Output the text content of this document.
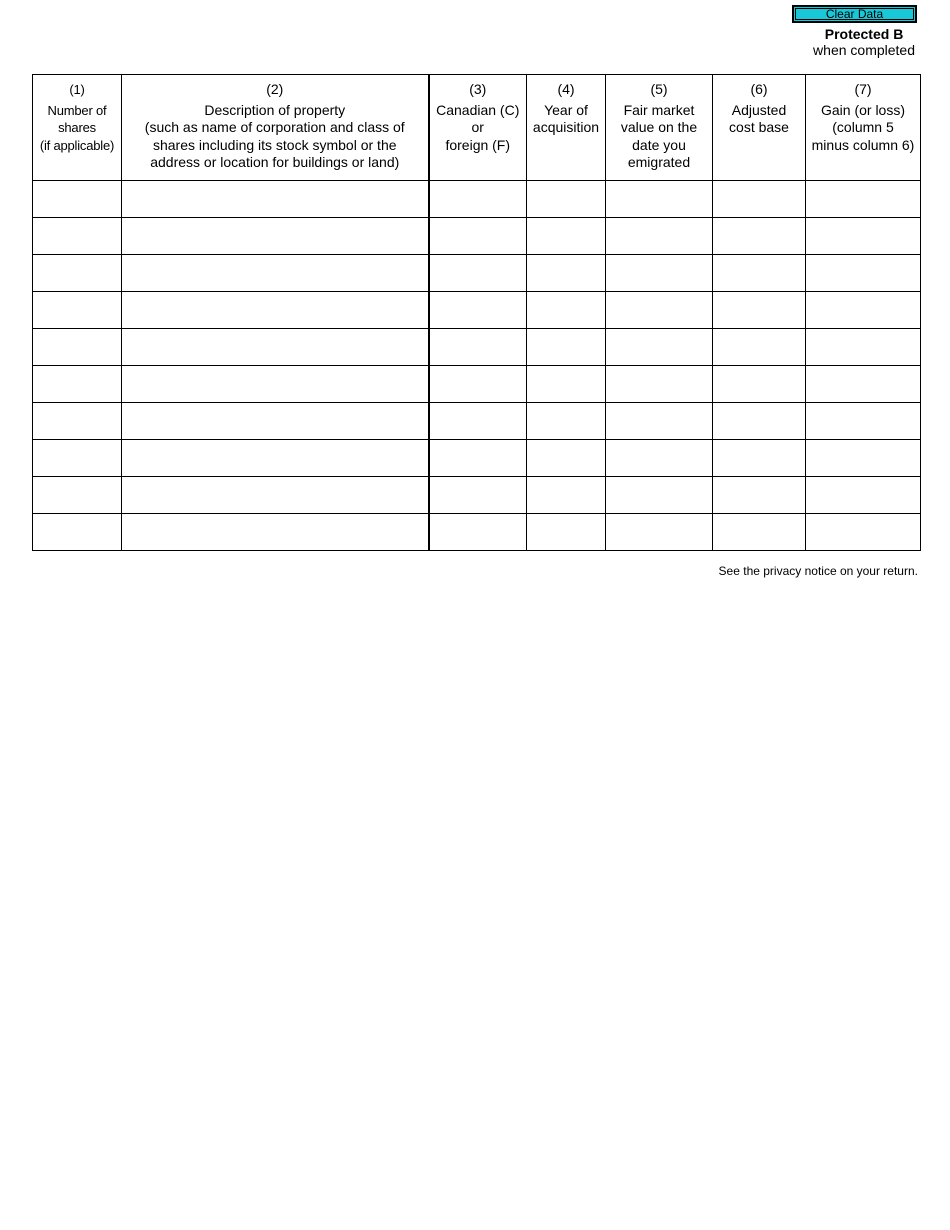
Clear Data
Protected B
when completed
(1)
Number of
shares
(if applicable)	(2)
Description of property
(such as name of corporation and class of
shares including its stock symbol or the
address or location for buildings or land)	(3)
Canadian (C)
or
foreign (F)	(4)
Year of
acquisition	(5)
Fair market
value on the
date you
emigrated	(6)
Adjusted
cost base	(7)
Gain (or loss)
(column 5
minus column 6)

See the privacy notice on your return.
